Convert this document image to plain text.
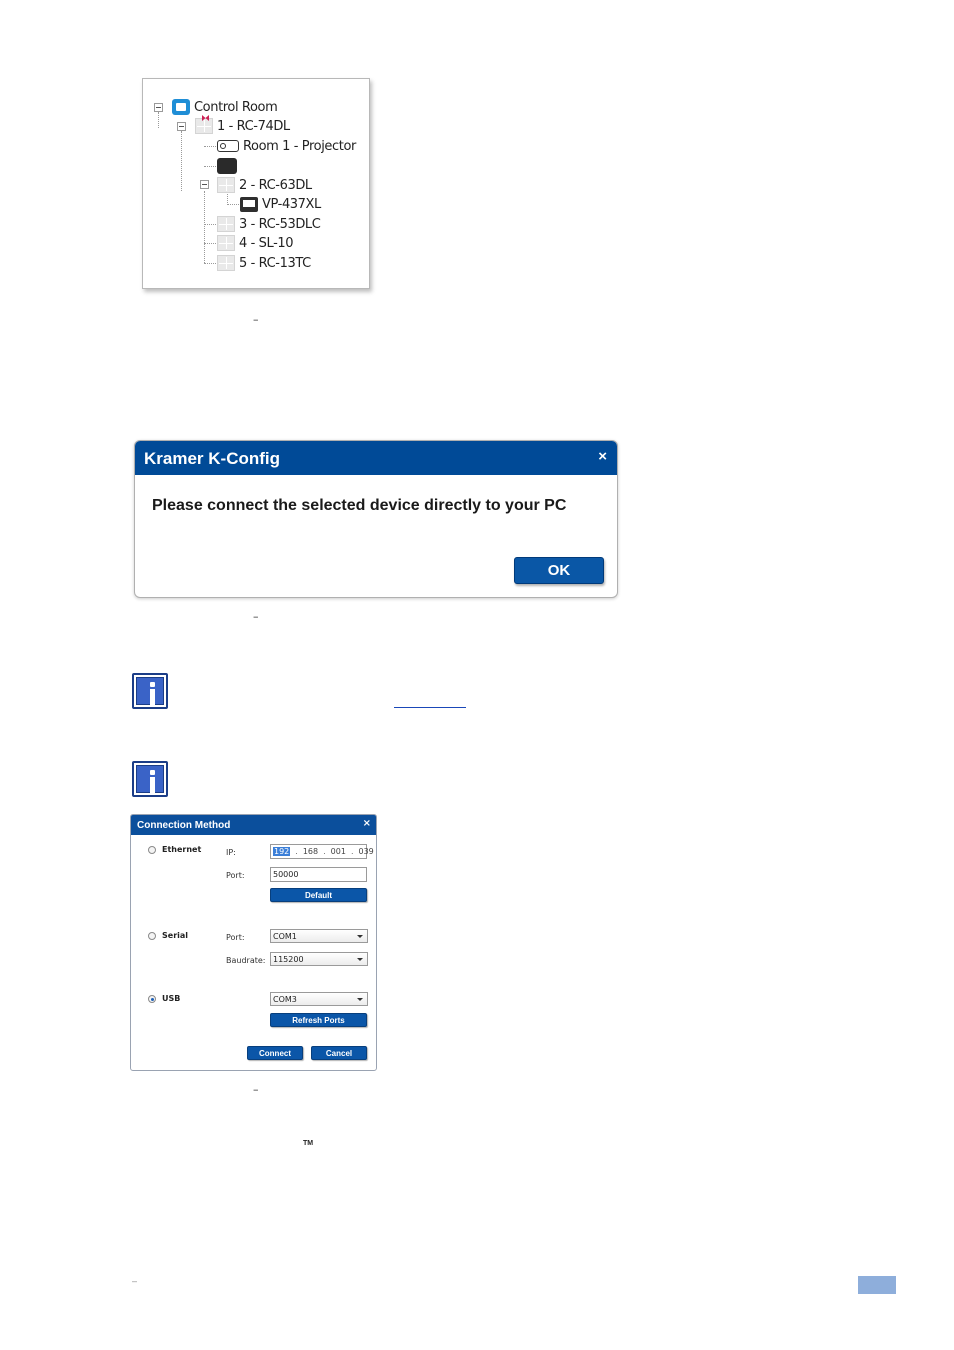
Control Room
1 - RC-74DL
Room 1 - Projector
2 - RC-63DL
VP-437XL
3 - RC-53DLC
4 - SL-10
5 - RC-13TC
–
Kramer K-Config	×
Please connect the selected device directly to your PC
OK
–
Connection Method	×
Ethernet	IP:	192 . 168 . 001 . 039
Port:	50000
Default
Serial	Port:	COM1
Baudrate: 115200
USB	COM3
Refresh Ports
Connect	Cancel
–
TM
–
